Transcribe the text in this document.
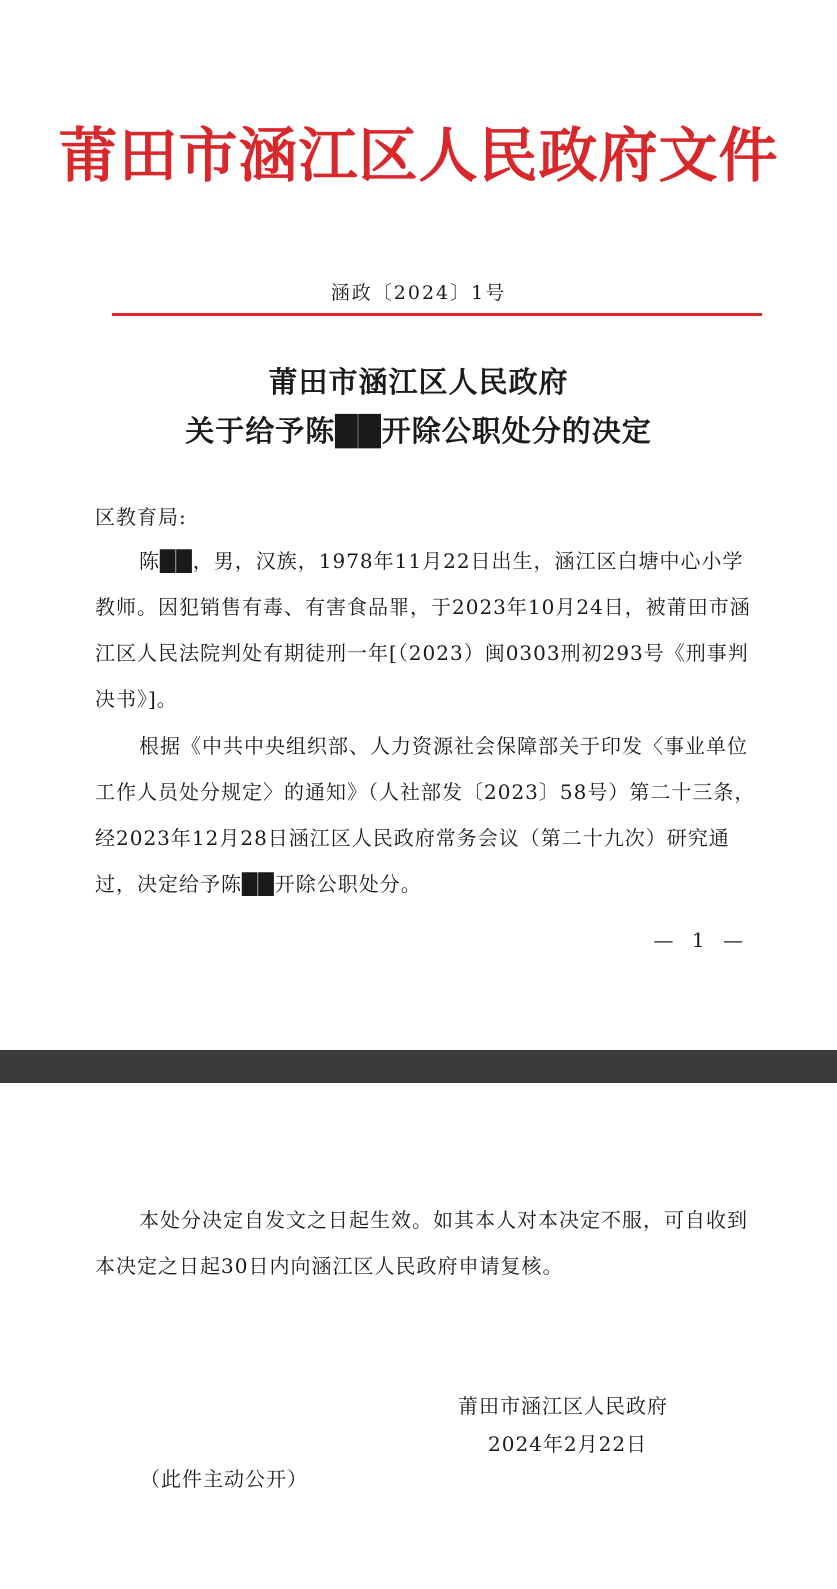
莆田市涵江区人民政府文件
涵政〔2024〕1号
莆田市涵江区人民政府
关于给予陈██开除公职处分的决定
区教育局:

陈██，男，汉族，1978年11月22日出生，涵江区白塘中心小学教师。因犯销售有毒、有害食品罪，于2023年10月24日，被莆田市涵江区人民法院判处有期徒刑一年[（2023）闽0303刑初293号《刑事判决书》]。

根据《中共中央组织部、人力资源社会保障部关于印发〈事业单位工作人员处分规定〉的通知》（人社部发〔2023〕58号）第二十三条，经2023年12月28日涵江区人民政府常务会议（第二十九次）研究通过，决定给予陈██开除公职处分。

— 1 —

本处分决定自发文之日起生效。如其本人对本决定不服，可自收到本决定之日起30日内向涵江区人民政府申请复核。

莆田市涵江区人民政府
2024年2月22日
（此件主动公开）
